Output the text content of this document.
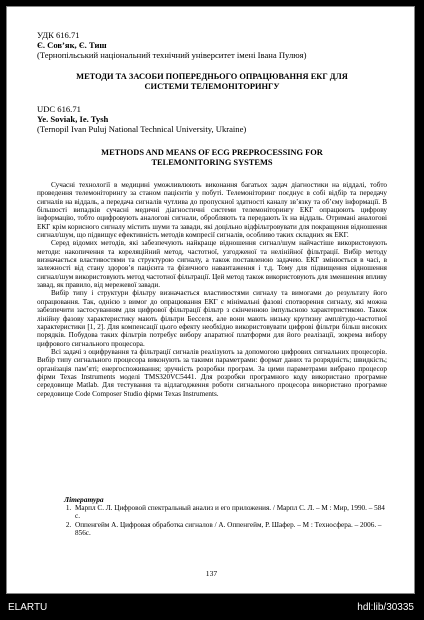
УДК 616.71
Є. Сов’як, Є. Тиш
(Тернопільський національний технічний університет імені Івана Пулюя)
МЕТОДИ ТА ЗАСОБИ ПОПЕРЕДНЬОГО ОПРАЦЮВАННЯ ЕКГ ДЛЯ
СИСТЕМИ ТЕЛЕМОНІТОРИНГУ
UDC 616.71
Ye. Soviak, Ie. Tysh
(Ternopil Ivan Puluj National Technical University, Ukraine)
METHODS AND MEANS OF ECG PREPROCESSING FOR
TELEMONITORING SYSTEMS

Сучасні технології в медицині уможливлюють виконання багатьох задач діагностики на віддалі, тобто проведення телемоніторингу за станом пацієнтів у побуті. Телемоніторинг поєднує в собі відбір та передачу сигналів на віддаль, а передача сигналів чутлива до пропускної здатності каналу зв’язку та об’єму інформації. В більшості випадків сучасні медичні діагностичні системи телемоніторингу ЕКГ опрацюють цифрову інформацію, тобто оцифровують аналогові сигнали, обробляють та передають їх на віддаль. Отримані аналогові ЕКГ крім корисного сигналу містить шуми та завади, які доцільно відфільтровувати для покращення відношення сигнал/шум, що підвищує ефективність методів компресії сигналів, особливо таких складних як ЕКГ.

Серед відомих методів, які забезпечують найкраще відношення сигнал/шум найчастіше використовують методи: накопичення та кореляційний метод, частотної, узгодженої та нелінійної фільтрації. Вибір методу визначається властивостями та структурою сигналу, а також поставленою задачею. ЕКГ змінюється в часі, в залежності від стану здоров’я пацієнта та фізичного навантаження і т.д. Тому для підвищення відношення сигнал/шум використовують метод частотної фільтрації. Цей метод також використовують для зменшення впливу завад, як правило, від мережевої завади.

Вибір типу і структури фільтру визначається властивостями сигналу та вимогами до результату його опрацювання. Так, однією з вимог до опрацювання ЕКГ є мінімальні фазові спотворення сигналу, які можна забезпечити застосуванням для цифрової фільтрації фільтр з скінченною імпульсною характеристикою. Також лінійну фазову характеристику мають фільтри Бесселя, але вони мають низьку крутизну амплітудо-частотної характеристики [1, 2]. Для компенсації цього ефекту необхідно використовувати цифрові фільтри більш високих порядків. Побудова таких фільтрів потребує вибору апаратної платформи для його реалізації, зокрема вибору цифрового сигнального процесора.

Всі задачі з оцифрування та фільтрації сигналів реалізують за допомогою цифрових сигнальних процесорів. Вибір типу сигнального процесора виконують за такими параметрами: формат даних та розрядність; швидкість; організація пам’яті; енергоспоживання; зручність розробки програм. За цими параметрами вибрано процесор фірми Texas Instruments моделі TMS320VC5441. Для розробки програмного коду використано програмне середовище Matlab. Для тестування та відлагодження роботи сигнального процесора використано програмне середовище Code Composer Studio фірми Texas Instruments.

Література
1. Марпл С. Л. Цифровой спектральный анализ и его приложения. / Марпл С. Л. – М : Мир, 1990. – 584 с.
2. Оппенгейм А. Цифровая обработка сигналов / А. Оппенгейм, Р. Шафер. – М : Техносфера. – 2006. – 856с.
137
ELARTU	hdl:lib/30335
